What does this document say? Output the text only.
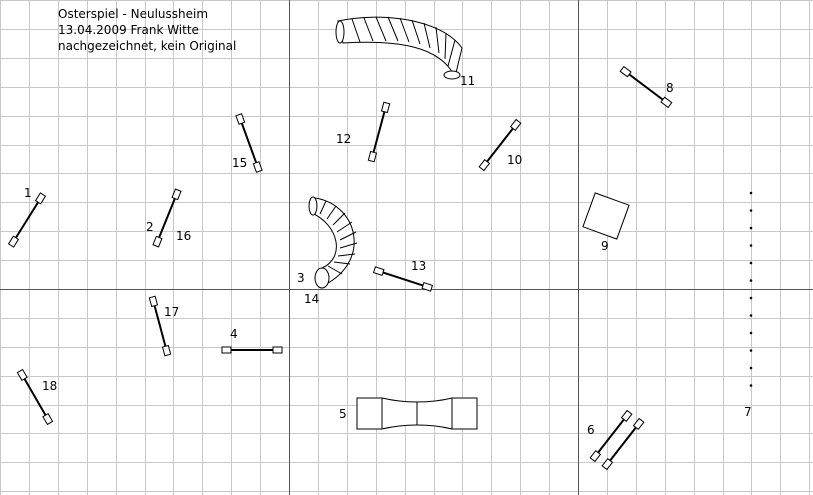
1
2
16
3
14
4
5
6
7
8
9
10
11
12
13
15
17
18
Osterspiel - Neulussheim
13.04.2009 Frank Witte
nachgezeichnet, kein Original
